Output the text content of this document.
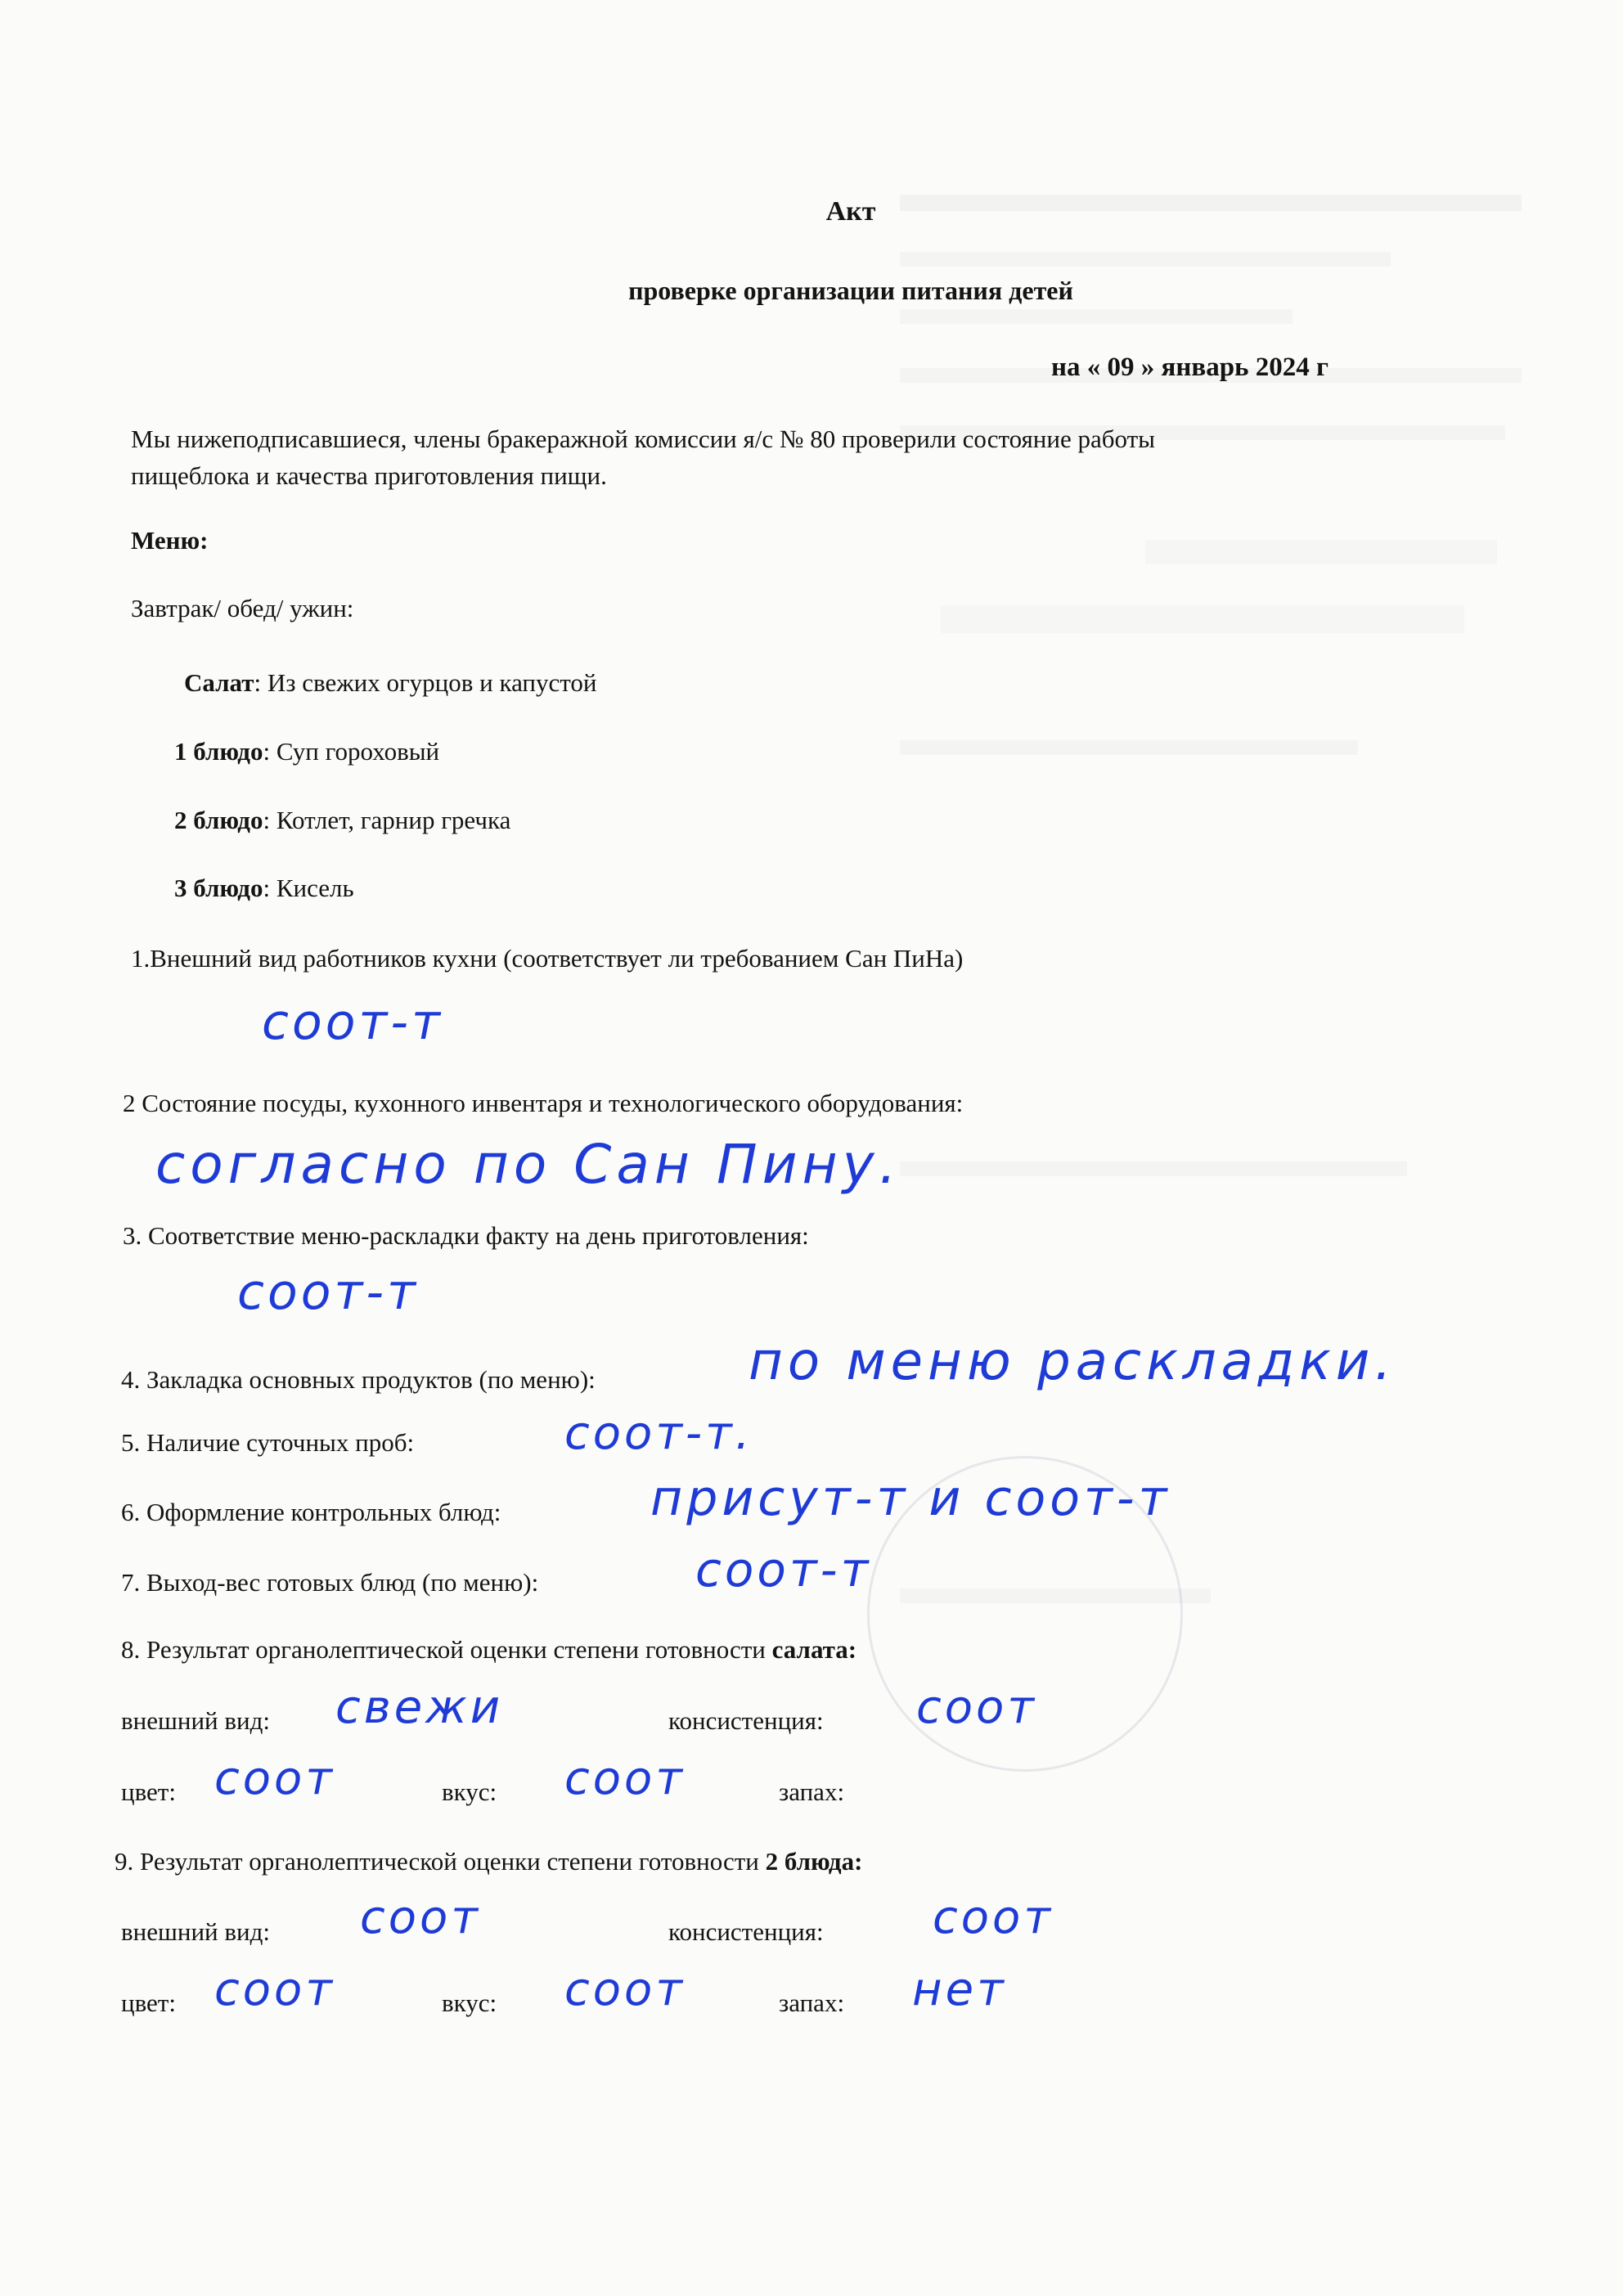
Акт
проверке организации питания детей
на « 09 » январь 2024 г
Мы нижеподписавшиеся, члены бракеражной комиссии я/с № 80 проверили состояние работы
пищеблока и качества приготовления пищи.
Меню:
Завтрак/ обед/ ужин:
Салат: Из свежих огурцов и капустой
1 блюдо: Суп гороховый
2 блюдо: Котлет, гарнир гречка
3 блюдо: Кисель
1.Внешний вид работников кухни (соответствует ли требованием Сан ПиНа)
соот-т
2 Состояние посуды, кухонного инвентаря и технологического оборудования:
согласно по Сан Пину.
3. Соответствие меню-раскладки факту на день приготовления:
соот-т
4. Закладка основных продуктов (по меню):	по меню раскладки.
5. Наличие суточных проб:	соот-т.
6. Оформление контрольных блюд:	присут-т и соот-т
7. Выход-вес готовых блюд (по меню):	соот-т
8. Результат органолептической оценки степени готовности салата:
внешний вид: свежи	консистенция: соот
цвет: соот	вкус: соот	запах:
9. Результат органолептической оценки степени готовности 2 блюда:
внешний вид: соот	консистенция: соот
цвет: соот	вкус: соот	запах: нет
